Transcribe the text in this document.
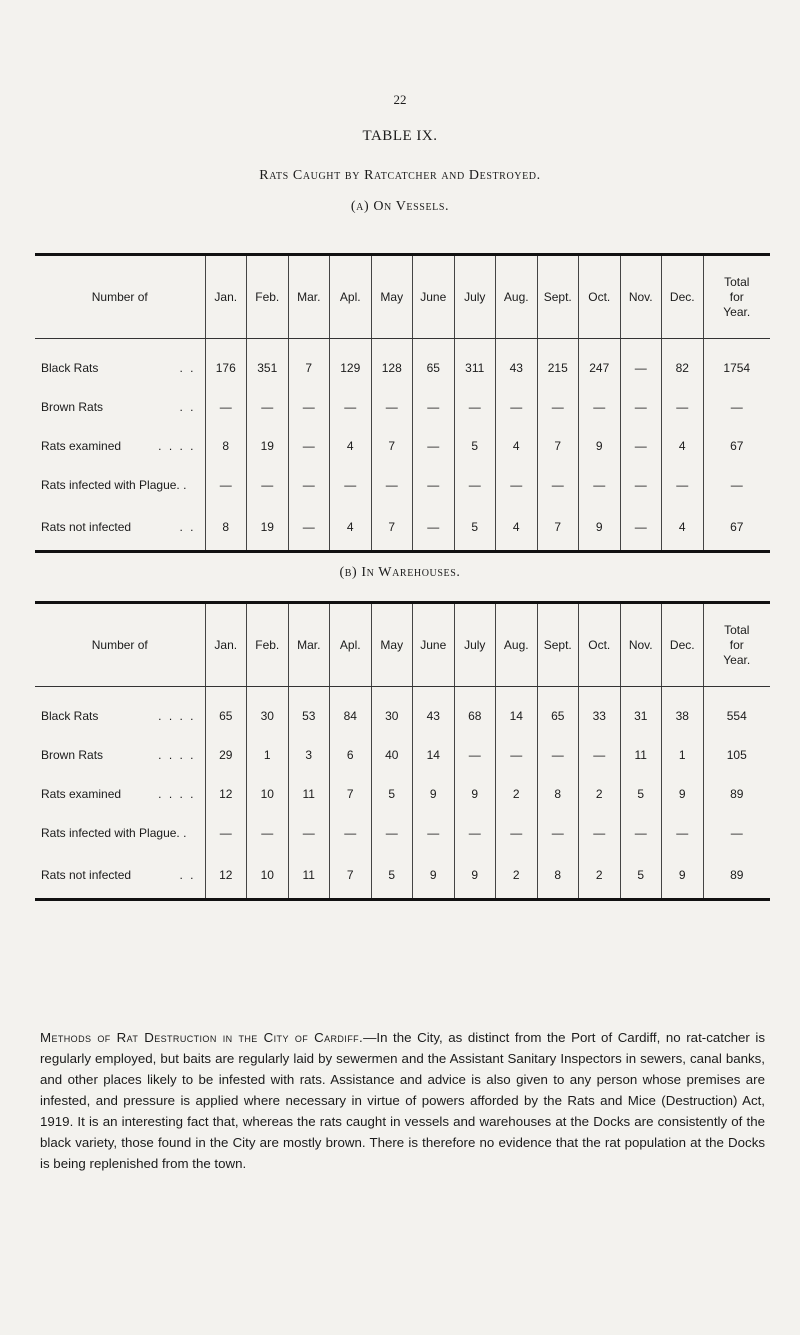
22
TABLE IX.
Rats Caught by Ratcatcher and Destroyed.
(a) On Vessels.
Number of	Jan.	Feb.	Mar.	Apl.	May	June	July	Aug.	Sept.	Oct.	Nov.	Dec.	Total
for
Year.

Black Rats . .	176	351	7	129	128	65	311	43	215	247	—	82	1754
Brown Rats . .	—	—	—	—	—	—	—	—	—	—	—	—	—
Rats examined . . . .	8	19	—	4	7	—	5	4	7	9	—	4	67
Rats infected with Plague. .	—	—	—	—	—	—	—	—	—	—	—	—	—
Rats not infected . .	8	19	—	4	7	—	5	4	7	9	—	4	67
(b) In Warehouses.
Number of	Jan.	Feb.	Mar.	Apl.	May	June	July	Aug.	Sept.	Oct.	Nov.	Dec.	Total
for
Year.

Black Rats . . . .	65	30	53	84	30	43	68	14	65	33	31	38	554
Brown Rats . . . .	29	1	3	6	40	14	—	—	—	—	11	1	105
Rats examined . . . .	12	10	11	7	5	9	9	2	8	2	5	9	89
Rats infected with Plague. .	—	—	—	—	—	—	—	—	—	—	—	—	—
Rats not infected . .	12	10	11	7	5	9	9	2	8	2	5	9	89
Methods of Rat Destruction in the City of Cardiff.—In the City, as distinct from the Port of Cardiff, no rat-catcher is regularly employed, but baits are regularly laid by sewermen and the Assistant Sanitary Inspectors in sewers, canal banks, and other places likely to be infested with rats. Assistance and advice is also given to any person whose premises are infested, and pressure is applied where necessary in virtue of powers afforded by the Rats and Mice (Destruction) Act, 1919. It is an interesting fact that, whereas the rats caught in vessels and warehouses at the Docks are consistently of the black variety, those found in the City are mostly brown. There is therefore no evidence that the rat population at the Docks is being replenished from the town.
